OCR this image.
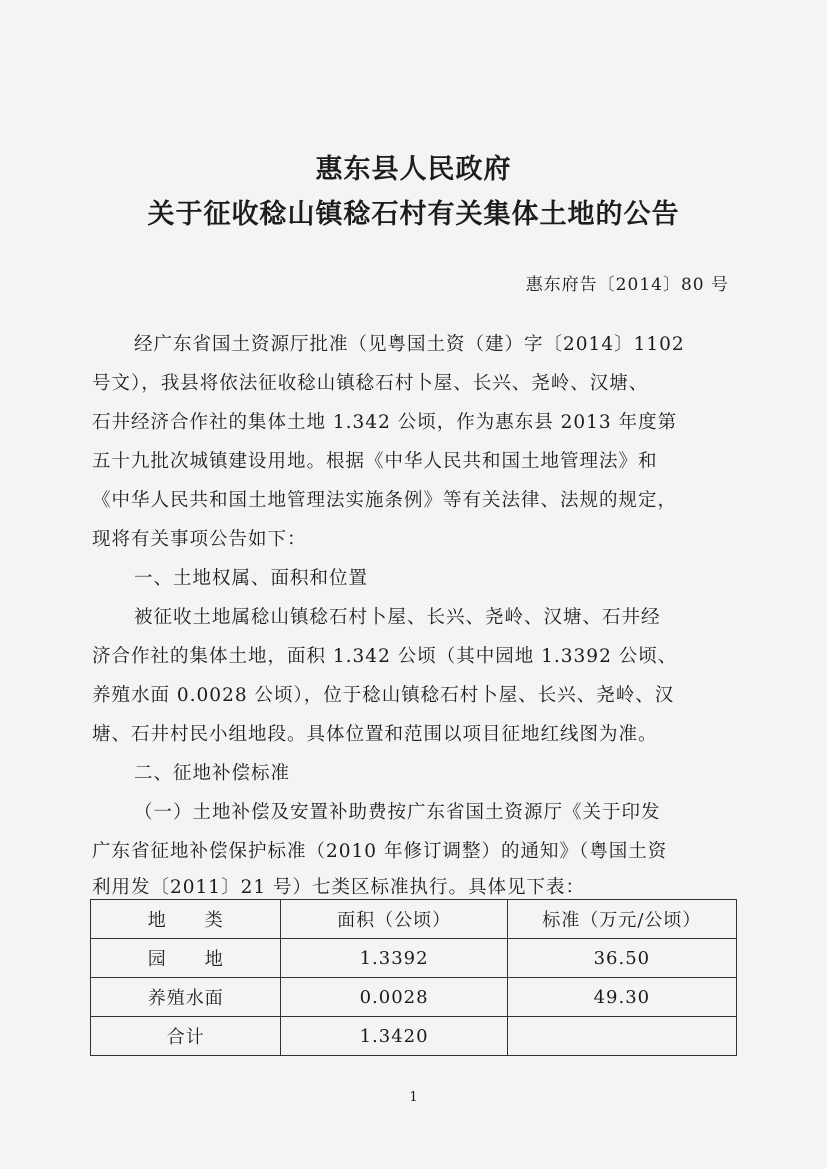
惠东县人民政府
关于征收稔山镇稔石村有关集体土地的公告
惠东府告〔2014〕80 号
经广东省国土资源厅批准（见粤国土资（建）字〔2014〕1102
号文），我县将依法征收稔山镇稔石村卜屋、长兴、尧岭、汉塘、
石井经济合作社的集体土地 1.342 公顷，作为惠东县 2013 年度第
五十九批次城镇建设用地。根据《中华人民共和国土地管理法》和
《中华人民共和国土地管理法实施条例》等有关法律、法规的规定，
现将有关事项公告如下：
一、土地权属、面积和位置
被征收土地属稔山镇稔石村卜屋、长兴、尧岭、汉塘、石井经
济合作社的集体土地，面积 1.342 公顷（其中园地 1.3392 公顷、
养殖水面 0.0028 公顷），位于稔山镇稔石村卜屋、长兴、尧岭、汉
塘、石井村民小组地段。具体位置和范围以项目征地红线图为准。
二、征地补偿标准
（一）土地补偿及安置补助费按广东省国土资源厅《关于印发
广东省征地补偿保护标准（2010 年修订调整）的通知》（粤国土资
利用发〔2011〕21 号）七类区标准执行。具体见下表：
地　　类	面积（公顷）	标准（万元/公顷）
园　　地	1.3392	36.50
养殖水面	0.0028	49.30
合计	1.3420	
1
